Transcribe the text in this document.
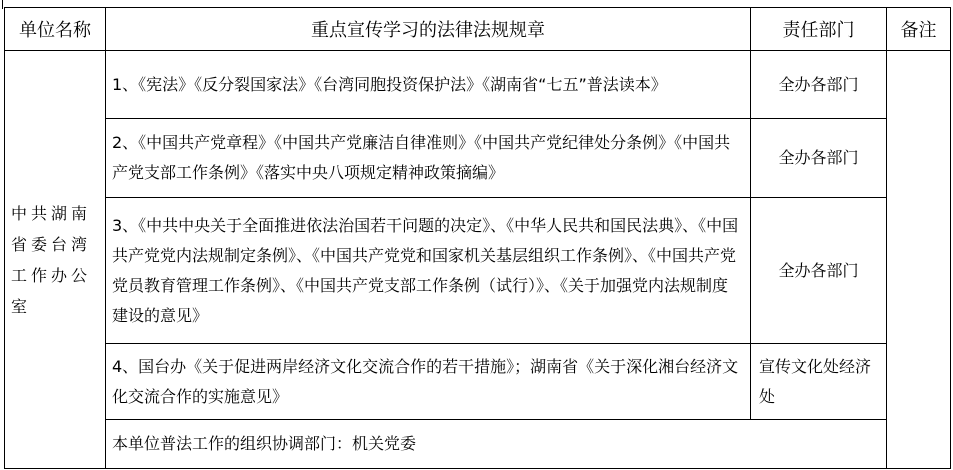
单位名称	重点宣传学习的法律法规规章	责任部门	备注
中共湖南省委台湾工作办公室	1、《宪法》《反分裂国家法》《台湾同胞投资保护法》《湖南省“七五”普法读本》	全办各部门	
	2、《中国共产党章程》《中国共产党廉洁自律准则》《中国共产党纪律处分条例》《中国共产党支部工作条例》《落实中央八项规定精神政策摘编》	全办各部门	
	3、《中共中央关于全面推进依法治国若干问题的决定》、《中华人民共和国民法典》、《中国共产党党内法规制定条例》、《中国共产党党和国家机关基层组织工作条例》、《中国共产党党员教育管理工作条例》、《中国共产党支部工作条例（试行）》、《关于加强党内法规制度建设的意见》	全办各部门	
	4、国台办《关于促进两岸经济文化交流合作的若干措施》；湖南省《关于深化湘台经济文化交流合作的实施意见》	宣传文化处经济处	
	本单位普法工作的组织协调部门：机关党委		
